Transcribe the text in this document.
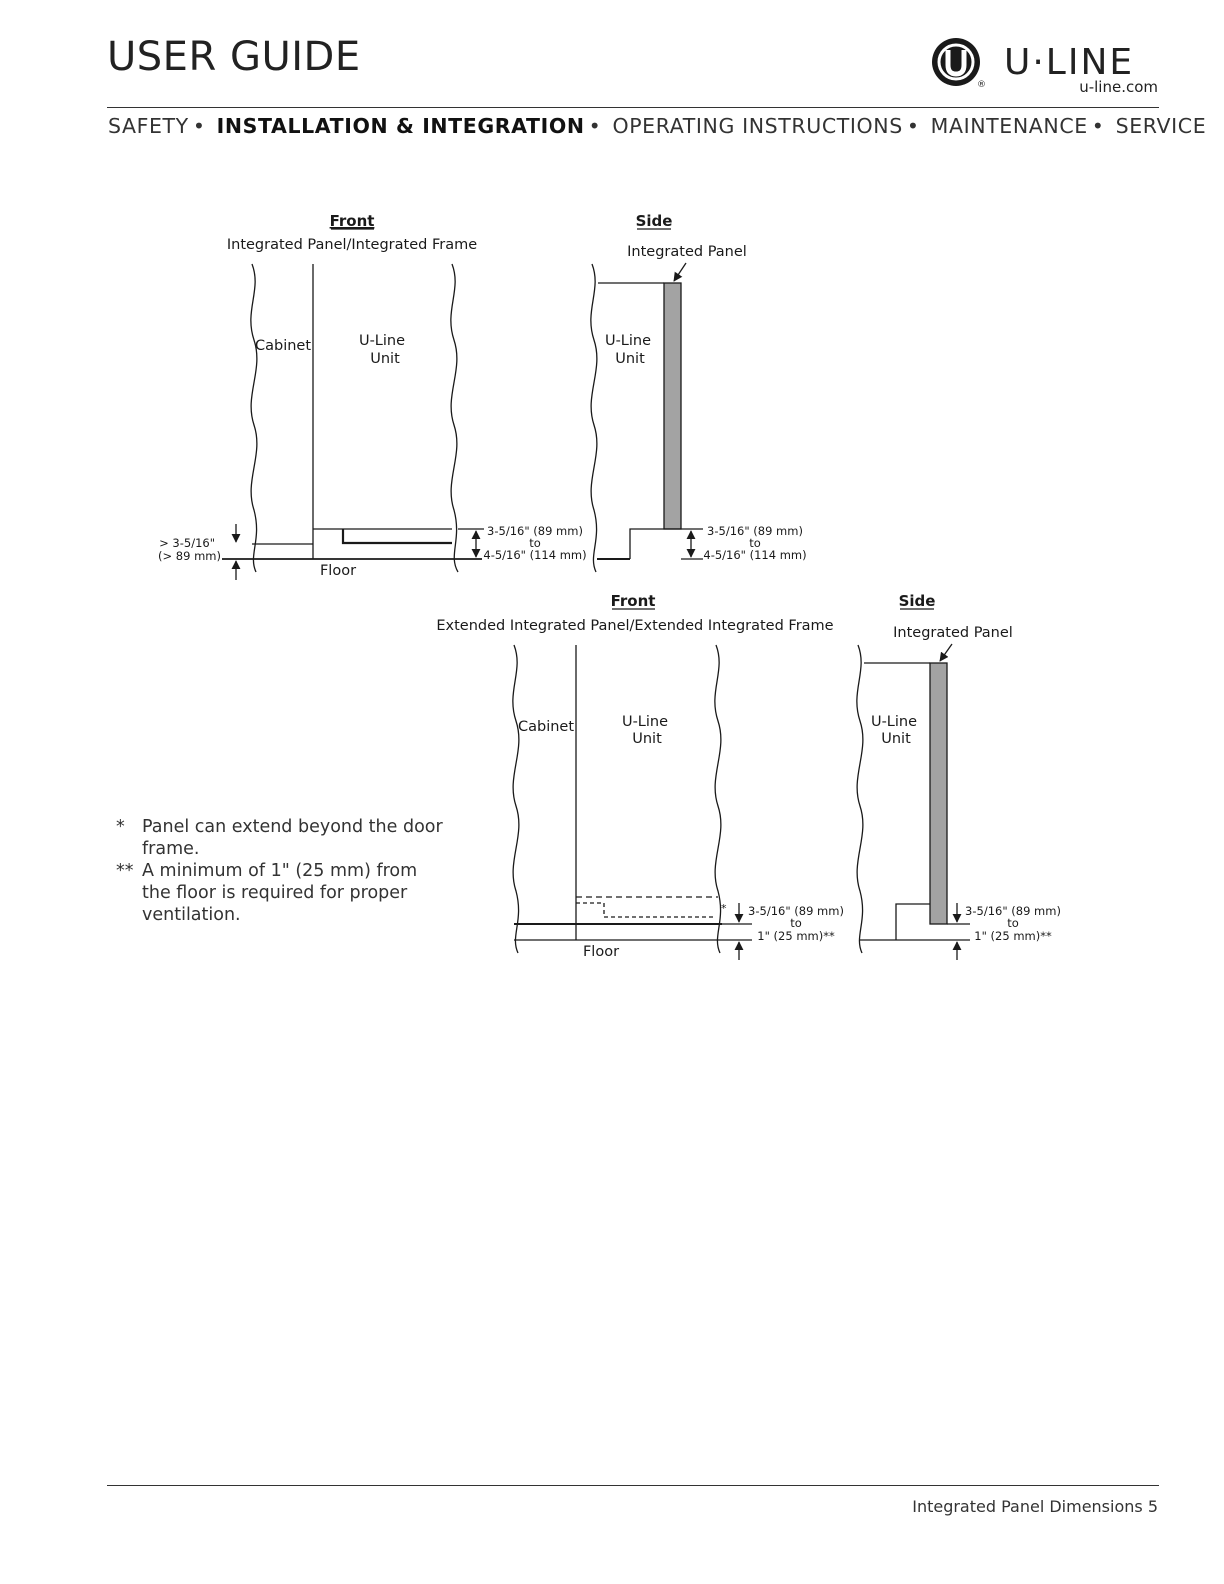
USER GUIDE
®
U·LINE
u-line.com
SAFETY • INSTALLATION & INTEGRATION • OPERATING INSTRUCTIONS • MAINTENANCE • SERVICE
Front
Integrated Panel/Integrated Frame
Cabinet	U-Line
Unit
Floor
> 3-5/16"
(> 89 mm)
3-5/16" (89 mm)
to
4-5/16" (114 mm)
Side
Integrated Panel
U-Line
Unit
3-5/16" (89 mm)
to
4-5/16" (114 mm)
Front
Extended Integrated Panel/Extended Integrated Frame
Cabinet	U-Line
Unit
Floor
* 3-5/16" (89 mm)
to
1" (25 mm)**
Side
Integrated Panel
U-Line
Unit
3-5/16" (89 mm)
to
1" (25 mm)**
* Panel can extend beyond the door frame.
** A minimum of 1" (25 mm) from the floor is required for proper ventilation.
Integrated Panel Dimensions 5
